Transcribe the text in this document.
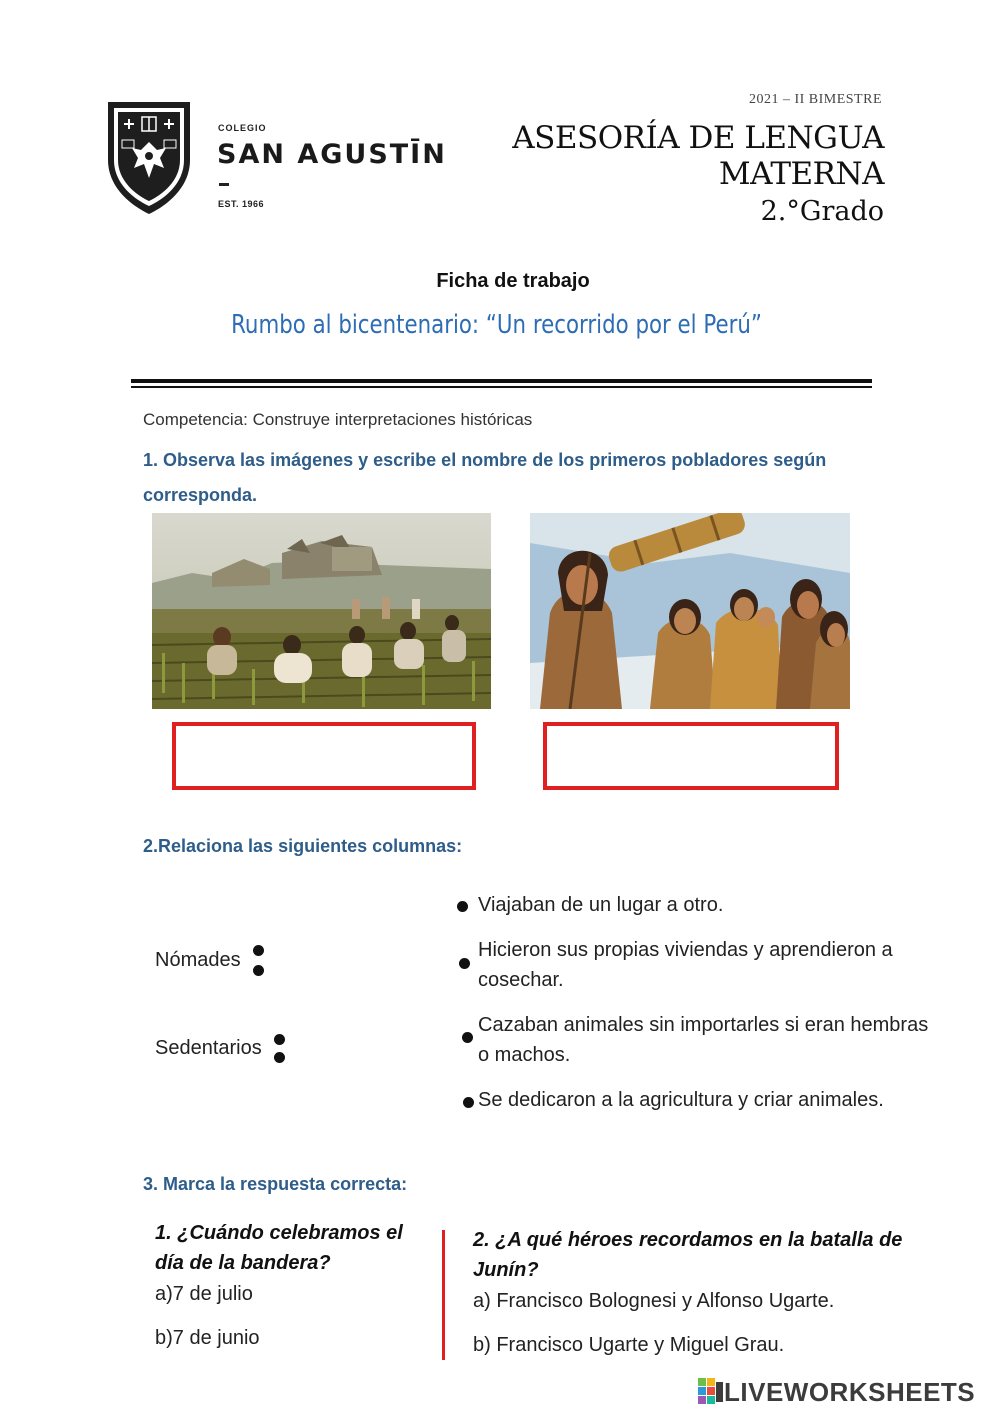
COLEGIO
SAN AGUSTĪN
EST. 1966
2021 – II BIMESTRE
ASESORÍA DE LENGUA MATERNA
2.°Grado
Ficha de trabajo
Rumbo al bicentenario: “Un recorrido por el Perú”
Competencia: Construye interpretaciones históricas
1. Observa las imágenes y escribe el nombre de los primeros pobladores según corresponda.
2.Relaciona las siguientes columnas:
Nómades
Sedentarios
Viajaban de un lugar a otro.
Hicieron sus propias viviendas y aprendieron a cosechar.
Cazaban animales sin importarles si eran hembras o machos.
Se dedicaron a la agricultura y criar animales.
3. Marca la respuesta correcta:
1. ¿Cuándo celebramos el día de la bandera?
a)7 de julio
b)7 de junio
2. ¿A qué héroes recordamos en la batalla de Junín?
a) Francisco Bolognesi y Alfonso Ugarte.
b) Francisco Ugarte y Miguel Grau.
LIVEWORKSHEETS
